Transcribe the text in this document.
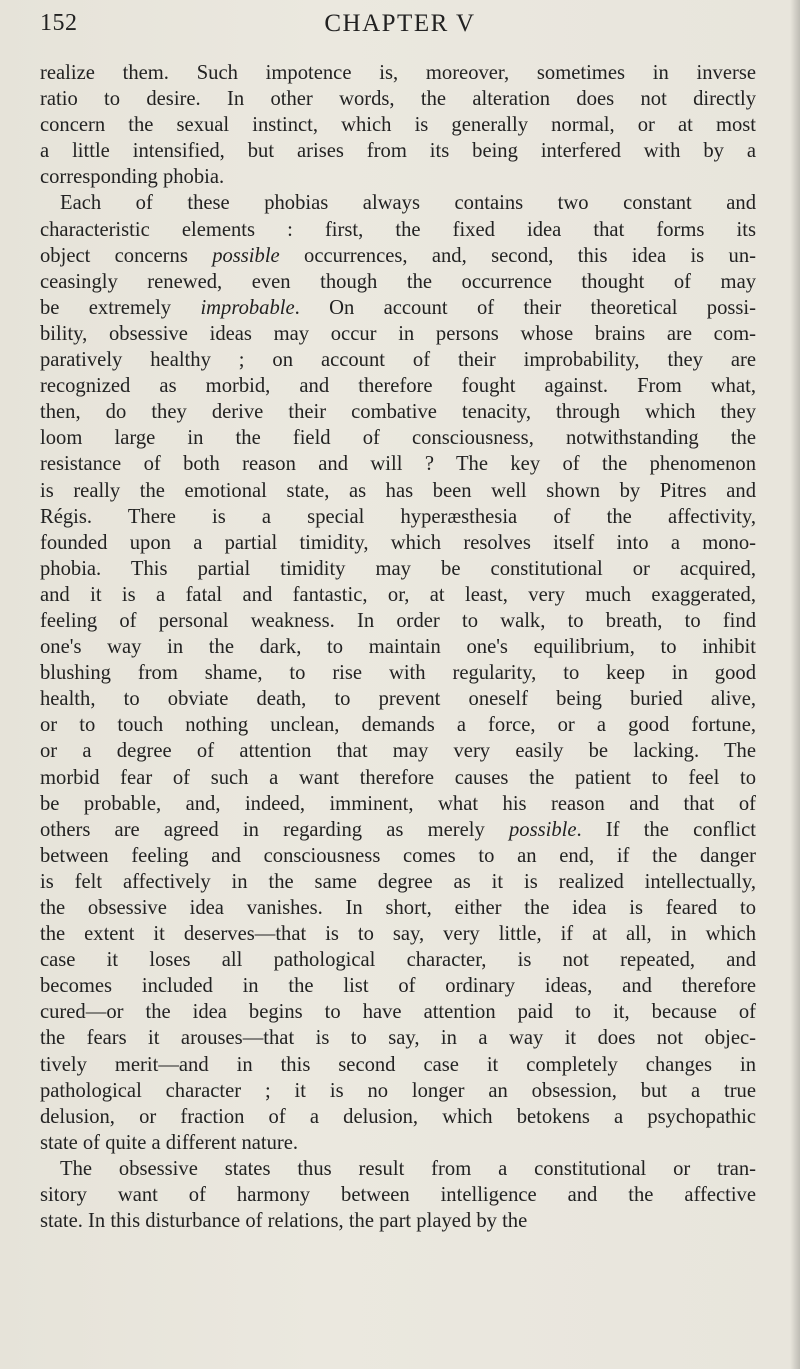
152	CHAPTER V
realize them. Such impotence is, moreover, sometimes in inverse
ratio to desire. In other words, the alteration does not directly
concern the sexual instinct, which is generally normal, or at most
a little intensified, but arises from its being interfered with by a
corresponding phobia.
Each of these phobias always contains two constant and
characteristic elements : first, the fixed idea that forms its
object concerns possible occurrences, and, second, this idea is un-
ceasingly renewed, even though the occurrence thought of may
be extremely improbable. On account of their theoretical possi-
bility, obsessive ideas may occur in persons whose brains are com-
paratively healthy ; on account of their improbability, they are
recognized as morbid, and therefore fought against. From what,
then, do they derive their combative tenacity, through which they
loom large in the field of consciousness, notwithstanding the
resistance of both reason and will ? The key of the phenomenon
is really the emotional state, as has been well shown by Pitres and
Régis. There is a special hyperæsthesia of the affectivity,
founded upon a partial timidity, which resolves itself into a mono-
phobia. This partial timidity may be constitutional or acquired,
and it is a fatal and fantastic, or, at least, very much exaggerated,
feeling of personal weakness. In order to walk, to breath, to find
one's way in the dark, to maintain one's equilibrium, to inhibit
blushing from shame, to rise with regularity, to keep in good
health, to obviate death, to prevent oneself being buried alive,
or to touch nothing unclean, demands a force, or a good fortune,
or a degree of attention that may very easily be lacking. The
morbid fear of such a want therefore causes the patient to feel to
be probable, and, indeed, imminent, what his reason and that of
others are agreed in regarding as merely possible. If the conflict
between feeling and consciousness comes to an end, if the danger
is felt affectively in the same degree as it is realized intellectually,
the obsessive idea vanishes. In short, either the idea is feared to
the extent it deserves—that is to say, very little, if at all, in which
case it loses all pathological character, is not repeated, and
becomes included in the list of ordinary ideas, and therefore
cured—or the idea begins to have attention paid to it, because of
the fears it arouses—that is to say, in a way it does not objec-
tively merit—and in this second case it completely changes in
pathological character ; it is no longer an obsession, but a true
delusion, or fraction of a delusion, which betokens a psychopathic
state of quite a different nature.
The obsessive states thus result from a constitutional or tran-
sitory want of harmony between intelligence and the affective
state. In this disturbance of relations, the part played by the
